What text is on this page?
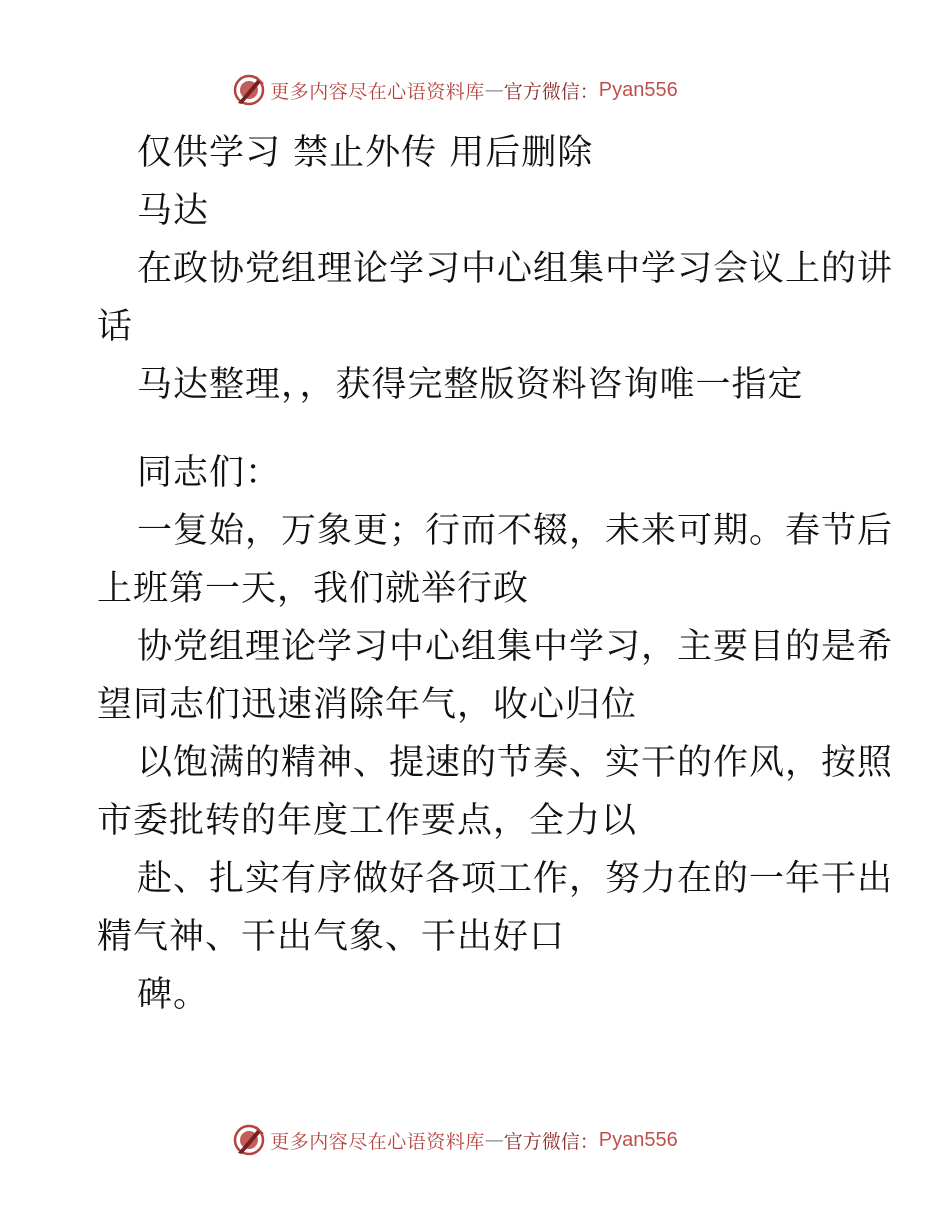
更多内容尽在心语资料库 — 官方微信： Pyan556
仅供学习 禁止外传 用后删除
马达
在政协党组理论学习中心组集中学习会议上的讲
话
马达整理，，获得完整版资料咨询唯一指定
同志们：
一复始，万象更；行而不辍，未来可期。春节后
上班第一天，我们就举行政
协党组理论学习中心组集中学习，主要目的是希
望同志们迅速消除年气，收心归位
以饱满的精神、提速的节奏、实干的作风，按照
市委批转的年度工作要点，全力以
赴、扎实有序做好各项工作，努力在的一年干出
精气神、干出气象、干出好口
碑。
更多内容尽在心语资料库 — 官方微信： Pyan556
